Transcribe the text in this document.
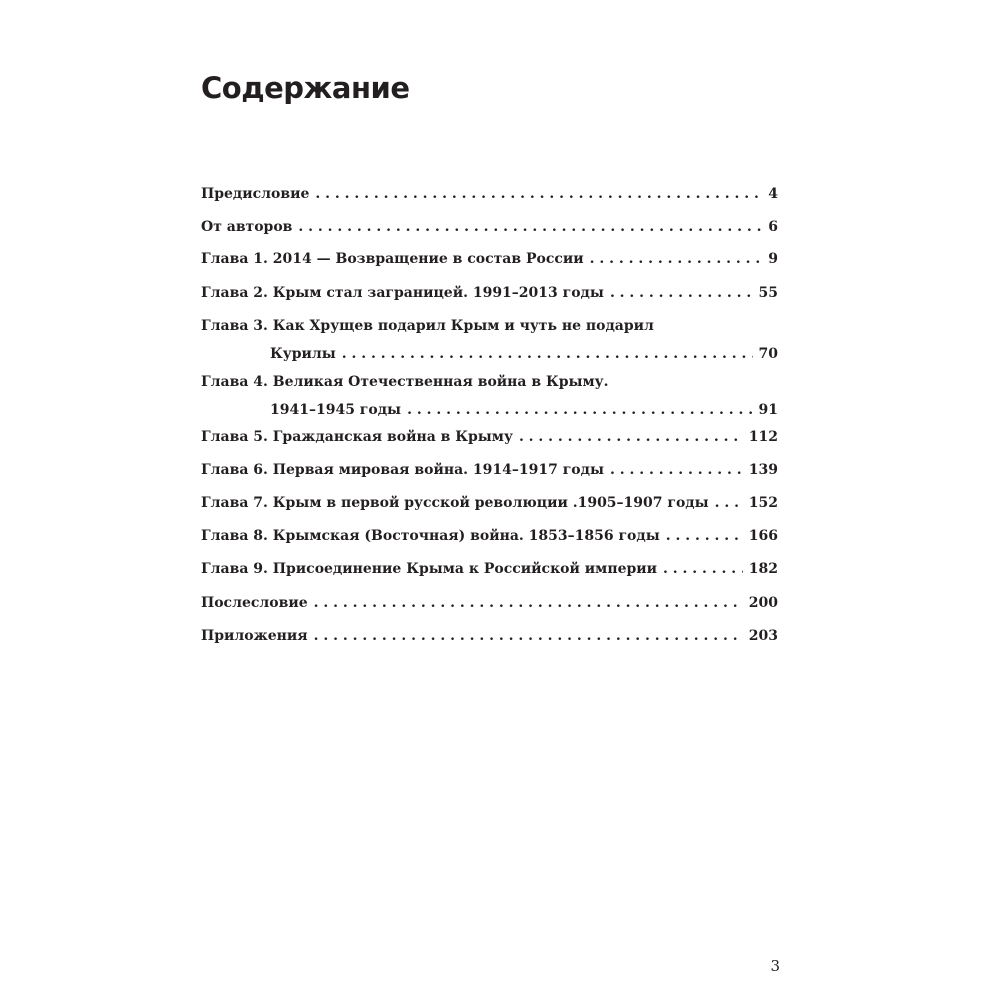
Содержание
Предисловие . . .	4
От авторов . . .	6
Глава 1. 2014 — Возвращение в состав России . . .	9
Глава 2. Крым стал заграницей. 1991–2013 годы . . .	55
Глава 3. Как Хрущев подарил Крым и чуть не подарил
Курилы . . .	70
Глава 4. Великая Отечественная война в Крыму.
1941–1945 годы . . .	91
Глава 5. Гражданская война в Крыму . . .	112
Глава 6. Первая мировая война. 1914–1917 годы . . .	139
Глава 7. Крым в первой русской революции .1905–1907 годы . . .	152
Глава 8. Крымская (Восточная) война. 1853–1856 годы . . .	166
Глава 9. Присоединение Крыма к Российской империи . . .	182
Послесловие . . .	200
Приложения . . .	203
3
